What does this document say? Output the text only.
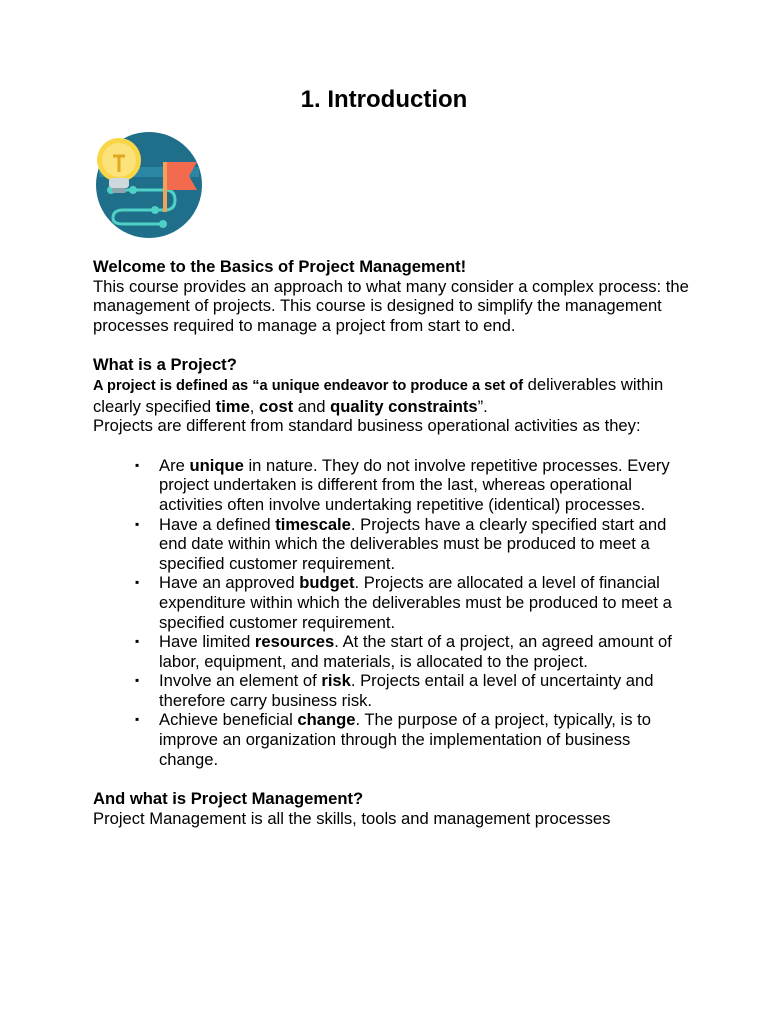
1. Introduction

Welcome to the Basics of Project Management!

This course provides an approach to what many consider a complex process: the management of projects. This course is designed to simplify the management processes required to manage a project from start to end.

What is a Project?

A project is defined as “a unique endeavor to produce a set of deliverables within clearly specified time, cost and quality constraints”.

Projects are different from standard business operational activities as they:

▪ Are unique in nature. They do not involve repetitive processes. Every project undertaken is different from the last, whereas operational activities often involve undertaking repetitive (identical) processes.
▪ Have a defined timescale. Projects have a clearly specified start and end date within which the deliverables must be produced to meet a specified customer requirement.
▪ Have an approved budget. Projects are allocated a level of financial expenditure within which the deliverables must be produced to meet a specified customer requirement.
▪ Have limited resources. At the start of a project, an agreed amount of labor, equipment, and materials, is allocated to the project.
▪ Involve an element of risk. Projects entail a level of uncertainty and therefore carry business risk.
▪ Achieve beneficial change. The purpose of a project, typically, is to improve an organization through the implementation of business change.

And what is Project Management?

Project Management is all the skills, tools and management processes
